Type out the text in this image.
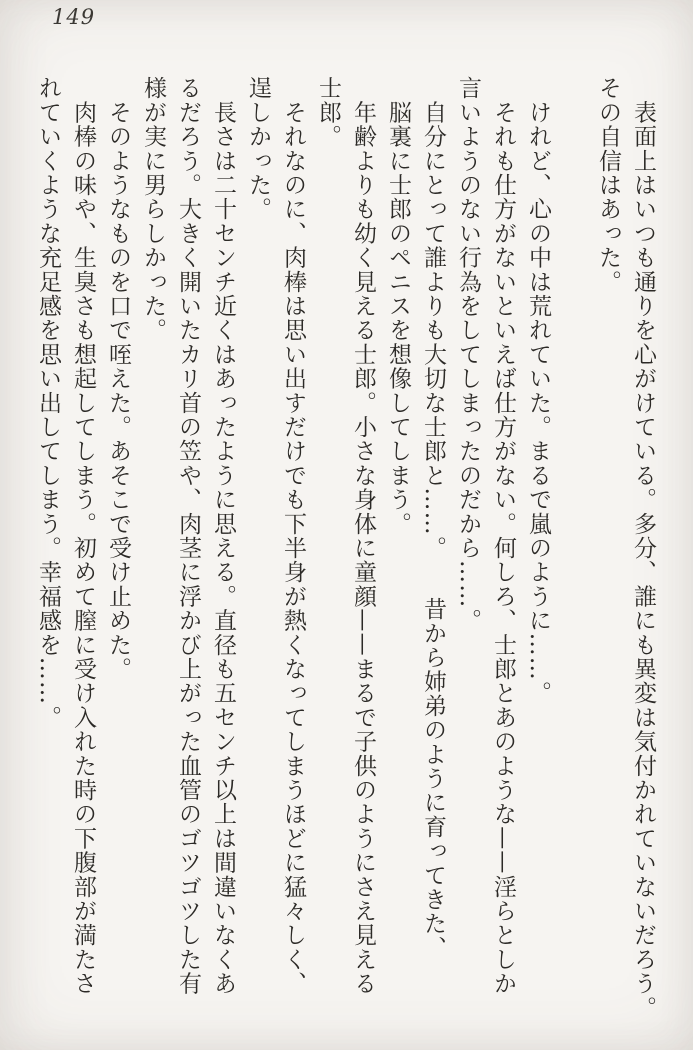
149
　表面上はいつも通りを心がけている。多分、誰にも異変は気付かれていないだろう。
その自信はあった。
　けれど、心の中は荒れていた。まるで嵐のように……。
　それも仕方がないといえば仕方がない。何しろ、士郎とあのような——淫らとしか
言いようのない行為をしてしまったのだから……。
　自分にとって誰よりも大切な士郎と……。　　昔から姉弟のように育ってきた、
　脳裏に士郎のペニスを想像してしまう。
　年齢よりも幼く見える士郎。小さな身体に童顔——まるで子供のようにさえ見える
士郎。
　それなのに、肉棒は思い出すだけでも下半身が熱くなってしまうほどに猛々しく、
逞しかった。
　長さは二十センチ近くはあったように思える。直径も五センチ以上は間違いなくあ
るだろう。大きく開いたカリ首の笠や、肉茎に浮かび上がった血管のゴツゴツした有
様が実に男らしかった。
　そのようなものを口で咥えた。あそこで受け止めた。
　肉棒の味や、生臭さも想起してしまう。初めて膣に受け入れた時の下腹部が満たさ
れていくような充足感を思い出してしまう。幸福感を……。
